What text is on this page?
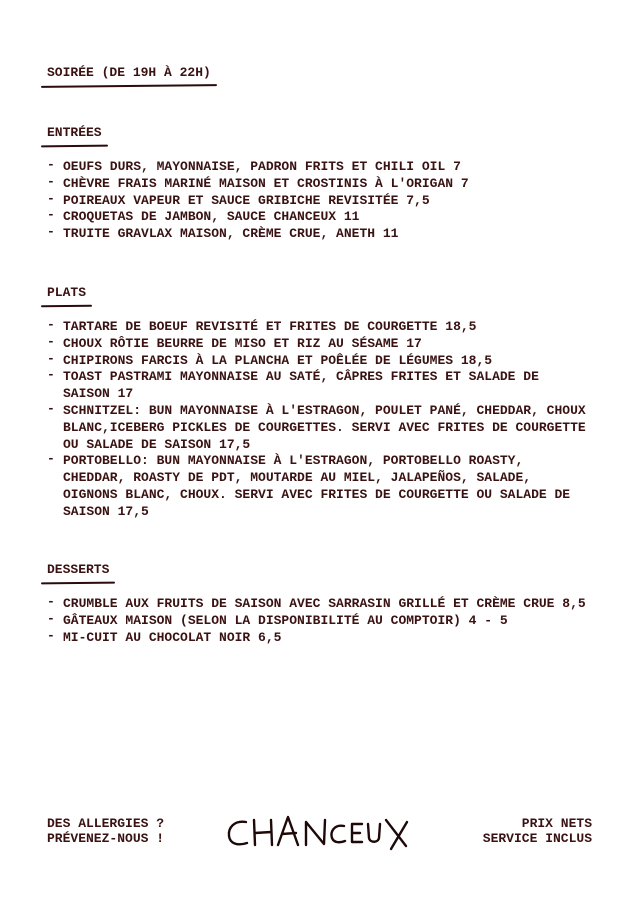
SOIRÉE (DE 19H À 22H)
ENTRÉES
- OEUFS DURS, MAYONNAISE, PADRON FRITS ET CHILI OIL 7
- CHÈVRE FRAIS MARINÉ MAISON ET CROSTINIS À L'ORIGAN 7
- POIREAUX VAPEUR ET SAUCE GRIBICHE REVISITÉE 7,5
- CROQUETAS DE JAMBON, SAUCE CHANCEUX 11
- TRUITE GRAVLAX MAISON, CRÈME CRUE, ANETH 11
PLATS
- TARTARE DE BOEUF REVISITÉ ET FRITES DE COURGETTE 18,5
- CHOUX RÔTIE BEURRE DE MISO ET RIZ AU SÉSAME 17
- CHIPIRONS FARCIS À LA PLANCHA ET POÊLÉE DE LÉGUMES 18,5
- TOAST PASTRAMI MAYONNAISE AU SATÉ, CÂPRES FRITES ET SALADE DE SAISON 17
- SCHNITZEL: BUN MAYONNAISE À L'ESTRAGON, POULET PANÉ, CHEDDAR, CHOUX BLANC,ICEBERG PICKLES DE COURGETTES. SERVI AVEC FRITES DE COURGETTE OU SALADE DE SAISON 17,5
- PORTOBELLO: BUN MAYONNAISE À L'ESTRAGON, PORTOBELLO ROASTY, CHEDDAR, ROASTY DE PDT, MOUTARDE AU MIEL, JALAPEÑOS, SALADE, OIGNONS BLANC, CHOUX. SERVI AVEC FRITES DE COURGETTE OU SALADE DE SAISON 17,5
DESSERTS
- CRUMBLE AUX FRUITS DE SAISON AVEC SARRASIN GRILLÉ ET CRÈME CRUE 8,5
- GÂTEAUX MAISON (SELON LA DISPONIBILITÉ AU COMPTOIR) 4 - 5
- MI-CUIT AU CHOCOLAT NOIR 6,5
DES ALLERGIES ?
PRÉVENEZ-NOUS !
PRIX NETS
SERVICE INCLUS
